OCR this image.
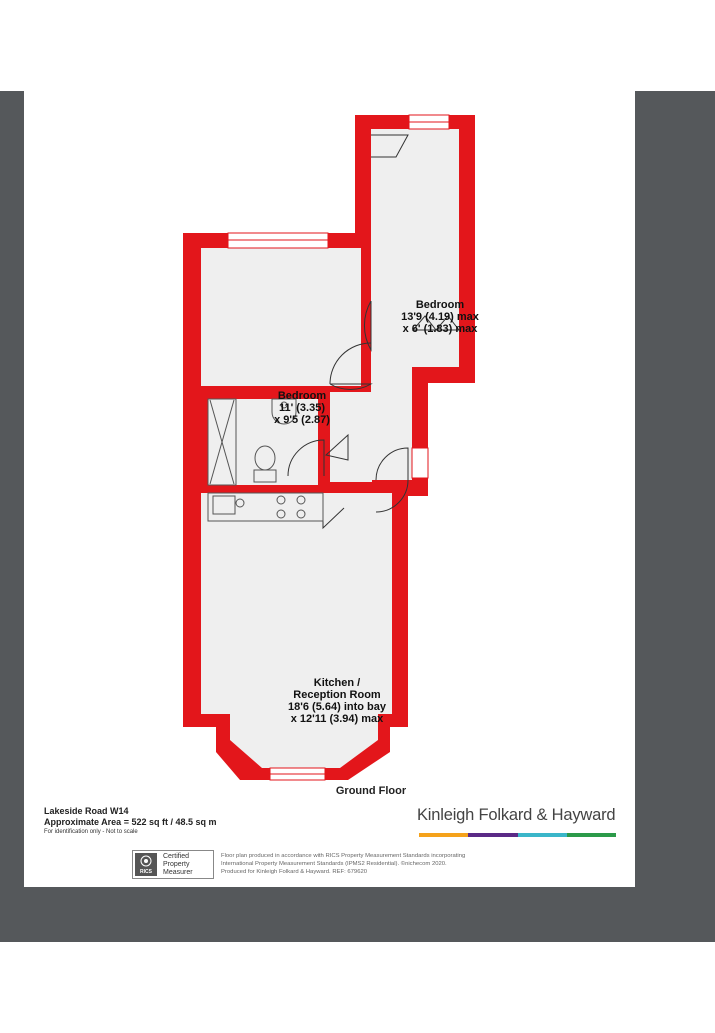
Bedroom
13'9 (4.19) max
x 6' (1.83) max
Bedroom
11' (3.35)
x 9'5 (2.87)
Kitchen /
Reception Room
18'6 (5.64) into bay
x 12'11 (3.94) max
Ground Floor
Lakeside Road W14
Approximate Area = 522 sq ft / 48.5 sq m
For identification only - Not to scale
Kinleigh Folkard & Hayward
RICS
Certified
Property
Measurer
Floor plan produced in accordance with RICS Property Measurement Standards incorporating
International Property Measurement Standards (IPMS2 Residential). ©nichecom 2020.
Produced for Kinleigh Folkard & Hayward. REF: 679620
